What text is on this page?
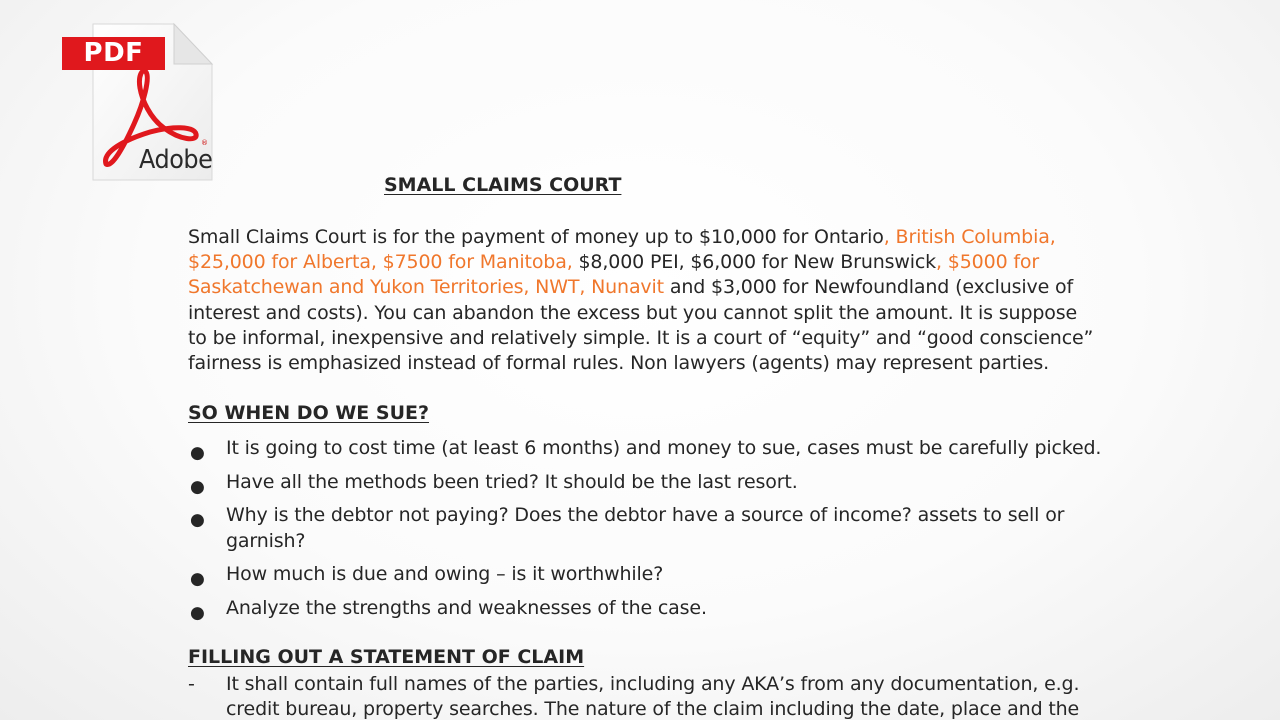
PDF
Adobe
®
SMALL CLAIMS COURT
Small Claims Court is for the payment of money up to $10,000 for Ontario, British Columbia,
$25,000 for Alberta, $7500 for Manitoba, $8,000 PEI, $6,000 for New Brunswick, $5000 for
Saskatchewan and Yukon Territories, NWT, Nunavit and $3,000 for Newfoundland (exclusive of
interest and costs). You can abandon the excess but you cannot split the amount. It is suppose
to be informal, inexpensive and relatively simple. It is a court of “equity” and “good conscience”
fairness is emphasized instead of formal rules. Non lawyers (agents) may represent parties.
SO WHEN DO WE SUE?
● It is going to cost time (at least 6 months) and money to sue, cases must be carefully picked.
● Have all the methods been tried? It should be the last resort.
● Why is the debtor not paying? Does the debtor have a source of income? assets to sell or
garnish?
● How much is due and owing – is it worthwhile?
● Analyze the strengths and weaknesses of the case.
FILLING OUT A STATEMENT OF CLAIM
- It shall contain full names of the parties, including any AKA’s from any documentation, e.g.
credit bureau, property searches. The nature of the claim including the date, place and the
